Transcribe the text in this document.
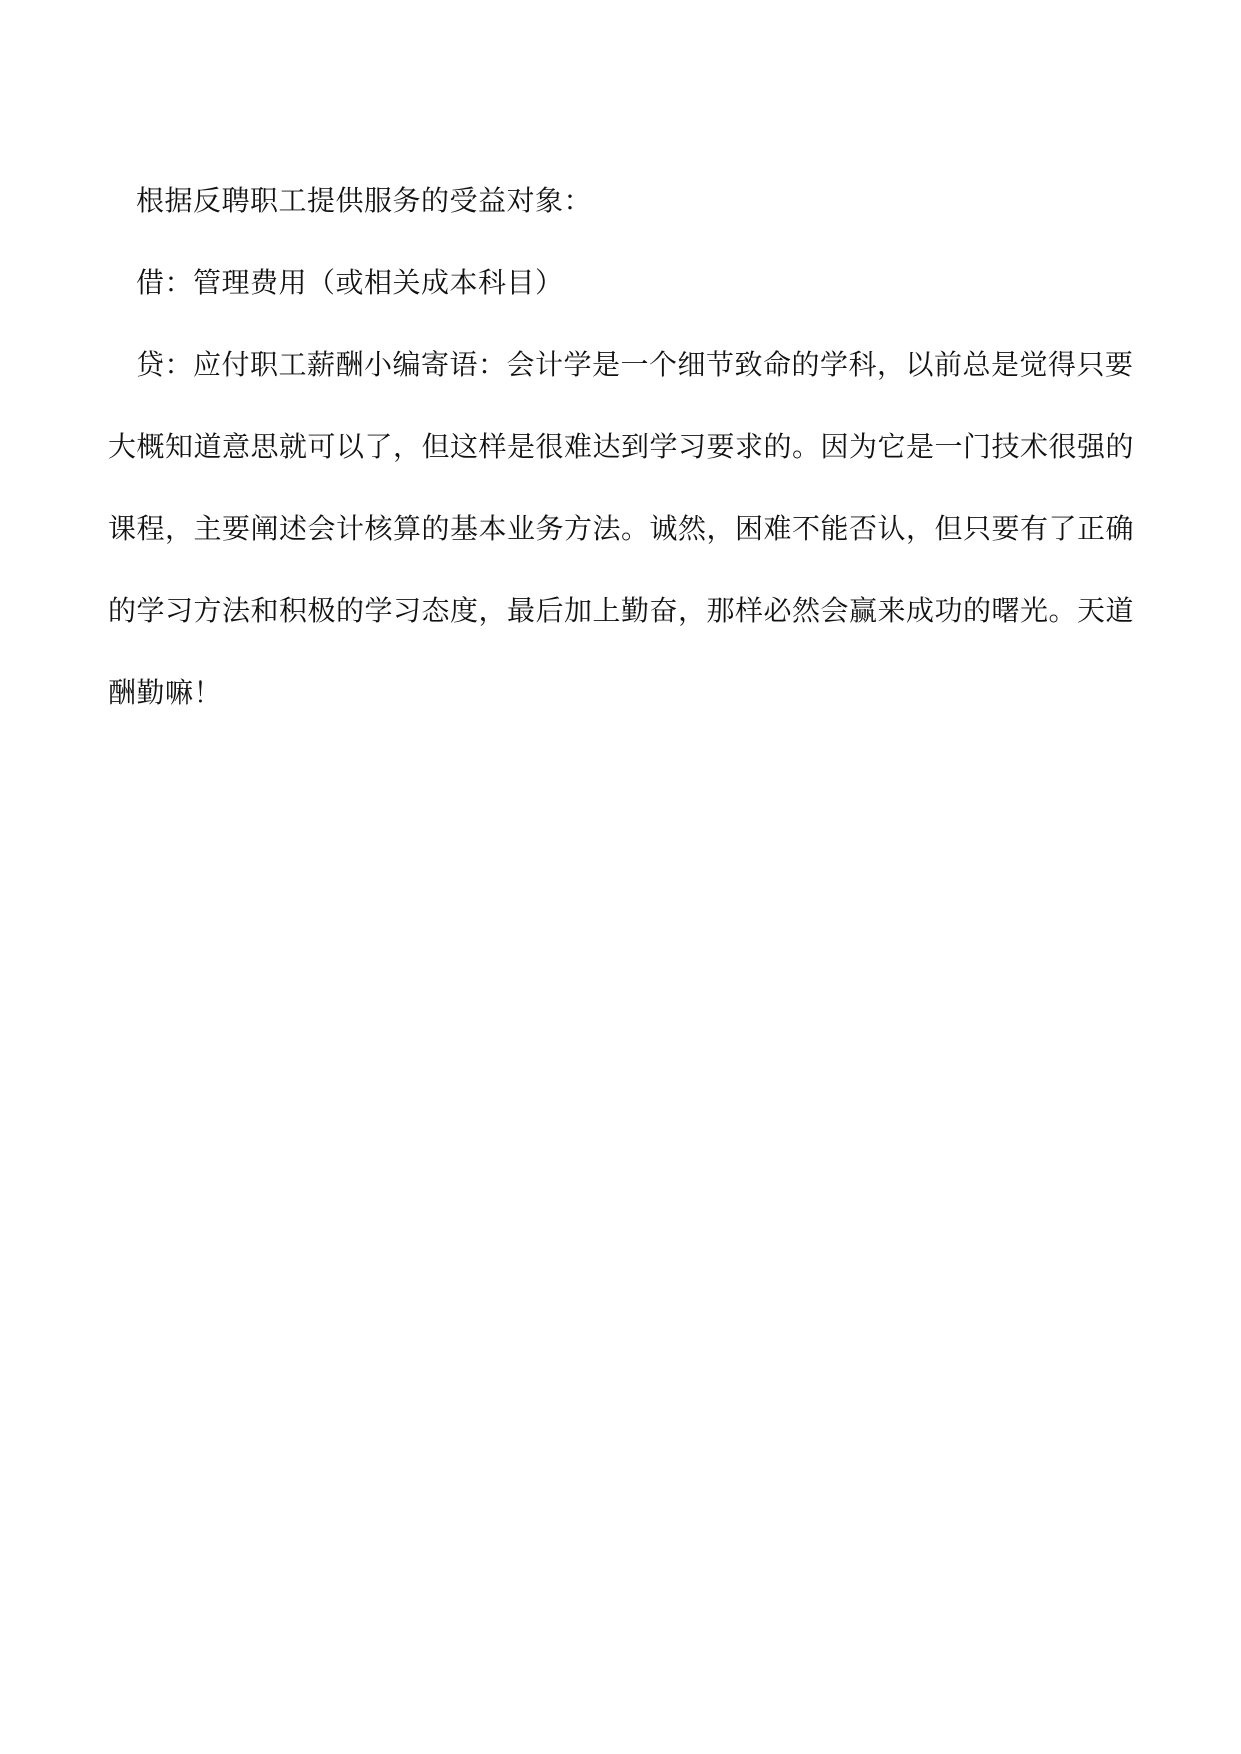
根据反聘职工提供服务的受益对象：

借：管理费用（或相关成本科目）

贷：应付职工薪酬小编寄语：会计学是一个细节致命的学科，以前总是觉得只要大概知道意思就可以了，但这样是很难达到学习要求的。因为它是一门技术很强的课程，主要阐述会计核算的基本业务方法。诚然，困难不能否认，但只要有了正确的学习方法和积极的学习态度，最后加上勤奋，那样必然会赢来成功的曙光。天道酬勤嘛！
